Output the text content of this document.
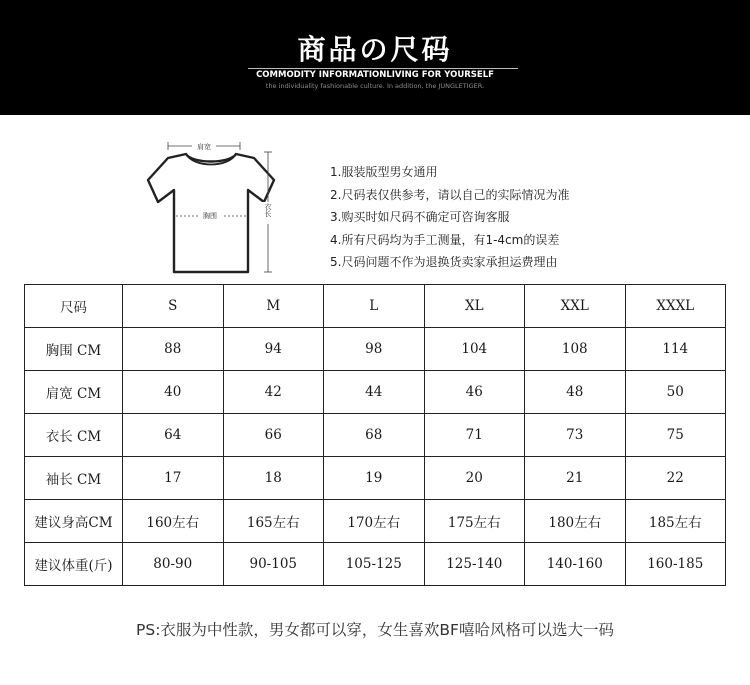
商品の尺码
COMMODITY INFORMATIONLIVING FOR YOURSELF
the individuality fashionable culture. In addition, the JUNGLETIGER.
肩宽
胸围	衣长
1.服装版型男女通用
2.尺码表仅供参考，请以自己的实际情况为准
3.购买时如尺码不确定可咨询客服
4.所有尺码均为手工测量，有1-4cm的误差
5.尺码问题不作为退换货卖家承担运费理由
尺码	S	M	L	XL	XXL	XXXL
胸围 CM	88	94	98	104	108	114
肩宽 CM	40	42	44	46	48	50
衣长 CM	64	66	68	71	73	75
袖长 CM	17	18	19	20	21	22
建议身高CM	160左右	165左右	170左右	175左右	180左右	185左右
建议体重(斤)	80-90	90-105	105-125	125-140	140-160	160-185
PS:衣服为中性款，男女都可以穿，女生喜欢BF嘻哈风格可以选大一码
